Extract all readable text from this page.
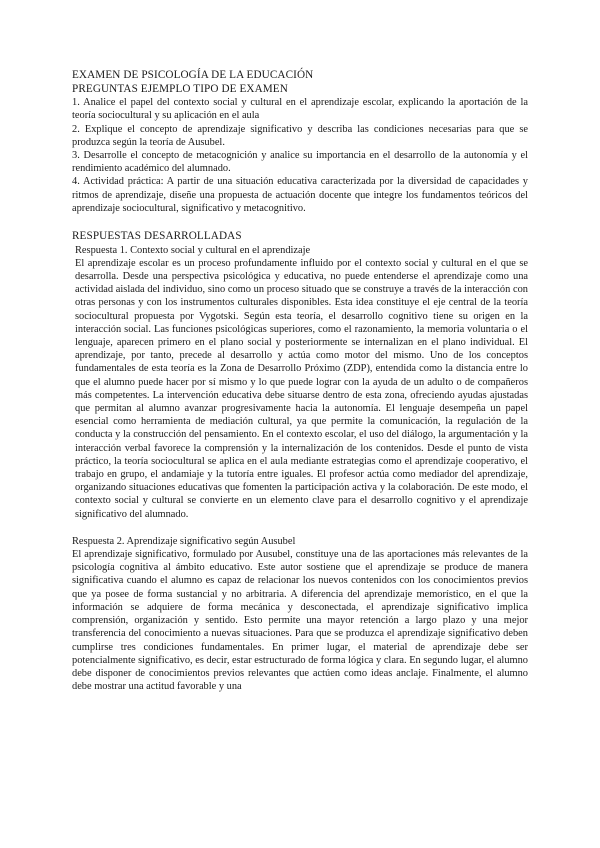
EXAMEN DE PSICOLOGÍA DE LA EDUCACIÓN
PREGUNTAS EJEMPLO TIPO DE EXAMEN

1. Analice el papel del contexto social y cultural en el aprendizaje escolar, explicando la aportación de la teoría sociocultural y su aplicación en el aula

2. Explique el concepto de aprendizaje significativo y describa las condiciones necesarias para que se produzca según la teoría de Ausubel.

3. Desarrolle el concepto de metacognición y analice su importancia en el desarrollo de la autonomía y el rendimiento académico del alumnado.

4. Actividad práctica: A partir de una situación educativa caracterizada por la diversidad de capacidades y ritmos de aprendizaje, diseñe una propuesta de actuación docente que integre los fundamentos teóricos del aprendizaje sociocultural, significativo y metacognitivo.

RESPUESTAS DESARROLLADAS
Respuesta 1. Contexto social y cultural en el aprendizaje

El aprendizaje escolar es un proceso profundamente influido por el contexto social y cultural en el que se desarrolla. Desde una perspectiva psicológica y educativa, no puede entenderse el aprendizaje como una actividad aislada del individuo, sino como un proceso situado que se construye a través de la interacción con otras personas y con los instrumentos culturales disponibles. Esta idea constituye el eje central de la teoría sociocultural propuesta por Vygotski. Según esta teoría, el desarrollo cognitivo tiene su origen en la interacción social. Las funciones psicológicas superiores, como el razonamiento, la memoria voluntaria o el lenguaje, aparecen primero en el plano social y posteriormente se internalizan en el plano individual. El aprendizaje, por tanto, precede al desarrollo y actúa como motor del mismo. Uno de los conceptos fundamentales de esta teoría es la Zona de Desarrollo Próximo (ZDP), entendida como la distancia entre lo que el alumno puede hacer por sí mismo y lo que puede lograr con la ayuda de un adulto o de compañeros más competentes. La intervención educativa debe situarse dentro de esta zona, ofreciendo ayudas ajustadas que permitan al alumno avanzar progresivamente hacia la autonomía. El lenguaje desempeña un papel esencial como herramienta de mediación cultural, ya que permite la comunicación, la regulación de la conducta y la construcción del pensamiento. En el contexto escolar, el uso del diálogo, la argumentación y la interacción verbal favorece la comprensión y la internalización de los contenidos. Desde el punto de vista práctico, la teoría sociocultural se aplica en el aula mediante estrategias como el aprendizaje cooperativo, el trabajo en grupo, el andamiaje y la tutoría entre iguales. El profesor actúa como mediador del aprendizaje, organizando situaciones educativas que fomenten la participación activa y la colaboración. De este modo, el contexto social y cultural se convierte en un elemento clave para el desarrollo cognitivo y el aprendizaje significativo del alumnado.

Respuesta 2. Aprendizaje significativo según Ausubel

El aprendizaje significativo, formulado por Ausubel, constituye una de las aportaciones más relevantes de la psicología cognitiva al ámbito educativo. Este autor sostiene que el aprendizaje se produce de manera significativa cuando el alumno es capaz de relacionar los nuevos contenidos con los conocimientos previos que ya posee de forma sustancial y no arbitraria. A diferencia del aprendizaje memorístico, en el que la información se adquiere de forma mecánica y desconectada, el aprendizaje significativo implica comprensión, organización y sentido. Esto permite una mayor retención a largo plazo y una mejor transferencia del conocimiento a nuevas situaciones. Para que se produzca el aprendizaje significativo deben cumplirse tres condiciones fundamentales. En primer lugar, el material de aprendizaje debe ser potencialmente significativo, es decir, estar estructurado de forma lógica y clara. En segundo lugar, el alumno debe disponer de conocimientos previos relevantes que actúen como ideas anclaje. Finalmente, el alumno debe mostrar una actitud favorable y una
